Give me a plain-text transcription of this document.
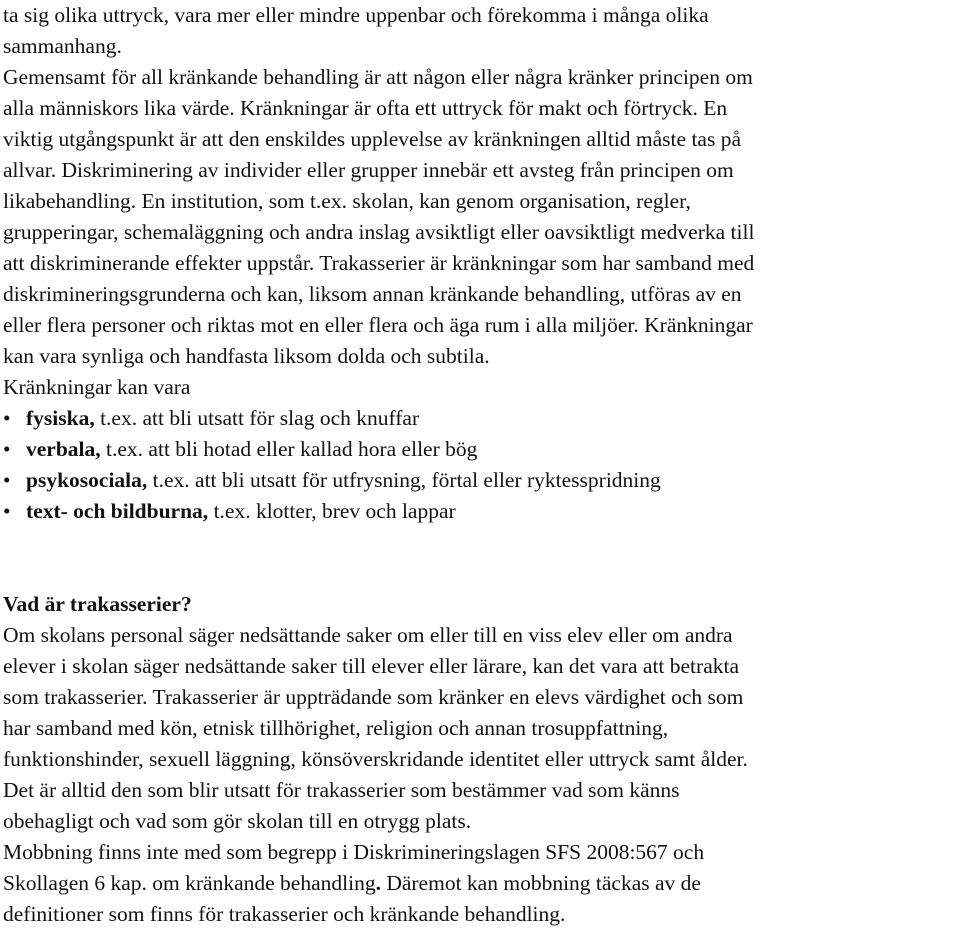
ta sig olika uttryck, vara mer eller mindre uppenbar och förekomma i många olika
sammanhang.
Gemensamt för all kränkande behandling är att någon eller några kränker principen om
alla människors lika värde. Kränkningar är ofta ett uttryck för makt och förtryck. En
viktig utgångspunkt är att den enskildes upplevelse av kränkningen alltid måste tas på
allvar. Diskriminering av individer eller grupper innebär ett avsteg från principen om
likabehandling. En institution, som t.ex. skolan, kan genom organisation, regler,
grupperingar, schemaläggning och andra inslag avsiktligt eller oavsiktligt medverka till
att diskriminerande effekter uppstår. Trakasserier är kränkningar som har samband med
diskrimineringsgrunderna och kan, liksom annan kränkande behandling, utföras av en
eller flera personer och riktas mot en eller flera och äga rum i alla miljöer. Kränkningar
kan vara synliga och handfasta liksom dolda och subtila.
Kränkningar kan vara
• fysiska, t.ex. att bli utsatt för slag och knuffar
• verbala, t.ex. att bli hotad eller kallad hora eller bög
• psykosociala, t.ex. att bli utsatt för utfrysning, förtal eller ryktesspridning
• text- och bildburna, t.ex. klotter, brev och lappar
Vad är trakasserier?
Om skolans personal säger nedsättande saker om eller till en viss elev eller om andra
elever i skolan säger nedsättande saker till elever eller lärare, kan det vara att betrakta
som trakasserier. Trakasserier är uppträdande som kränker en elevs värdighet och som
har samband med kön, etnisk tillhörighet, religion och annan trosuppfattning,
funktionshinder, sexuell läggning, könsöverskridande identitet eller uttryck samt ålder.
Det är alltid den som blir utsatt för trakasserier som bestämmer vad som känns
obehagligt och vad som gör skolan till en otrygg plats.
Mobbning finns inte med som begrepp i Diskrimineringslagen SFS 2008:567 och
Skollagen 6 kap. om kränkande behandling. Däremot kan mobbning täckas av de
definitioner som finns för trakasserier och kränkande behandling.
